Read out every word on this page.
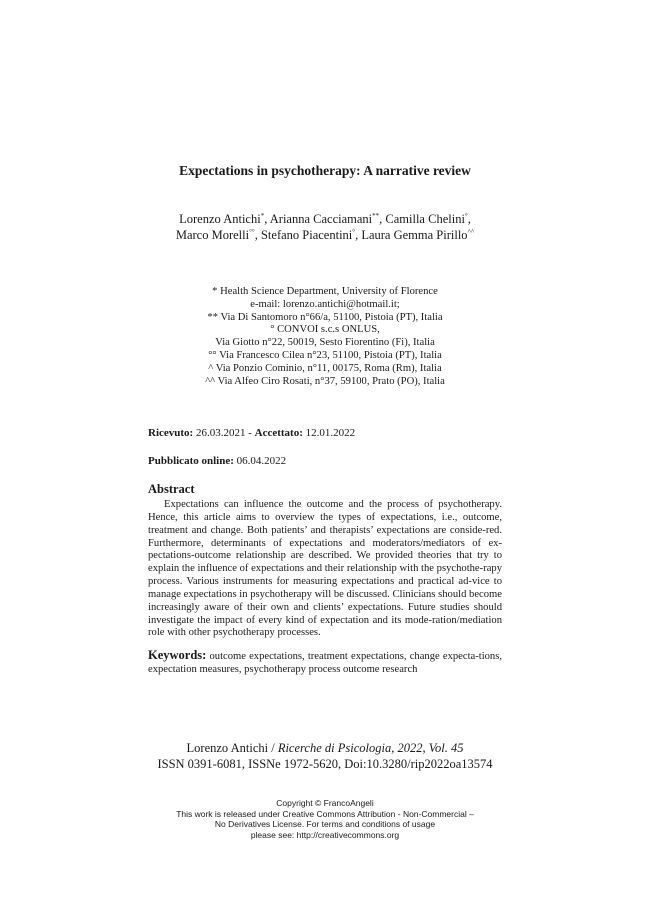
Expectations in psychotherapy: A narrative review
Lorenzo Antichi*, Arianna Cacciamani**, Camilla Chelini°,
Marco Morelli°°, Stefano Piacentini°, Laura Gemma Pirillo^^
* Health Science Department, University of Florence
e-mail: lorenzo.antichi@hotmail.it;
** Via Di Santomoro n°66/a, 51100, Pistoia (PT), Italia
° CONVOI s.c.s ONLUS,
Via Giotto n°22, 50019, Sesto Fiorentino (Fi), Italia
°° Via Francesco Cilea n°23, 51100, Pistoia (PT), Italia
^ Via Ponzio Cominio, n°11, 00175, Roma (Rm), Italia
^^ Via Alfeo Ciro Rosati, n°37, 59100, Prato (PO), Italia
Ricevuto: 26.03.2021 - Accettato: 12.01.2022
Pubblicato online: 06.04.2022
Abstract
Expectations can influence the outcome and the process of psychotherapy. Hence, this article aims to overview the types of expectations, i.e., outcome, treatment and change. Both patients’ and therapists’ expectations are conside-red. Furthermore, determinants of expectations and moderators/mediators of ex-pectations-outcome relationship are described. We provided theories that try to explain the influence of expectations and their relationship with the psychothe-rapy process. Various instruments for measuring expectations and practical ad-vice to manage expectations in psychotherapy will be discussed. Clinicians should become increasingly aware of their own and clients’ expectations. Future studies should investigate the impact of every kind of expectation and its mode-ration/mediation role with other psychotherapy processes.
Keywords: outcome expectations, treatment expectations, change expecta-tions, expectation measures, psychotherapy process outcome research
Lorenzo Antichi / Ricerche di Psicologia, 2022, Vol. 45
ISSN 0391-6081, ISSNe 1972-5620, Doi:10.3280/rip2022oa13574
Copyright © FrancoAngeli
This work is released under Creative Commons Attribution - Non-Commercial –
No Derivatives License. For terms and conditions of usage
please see: http://creativecommons.org
